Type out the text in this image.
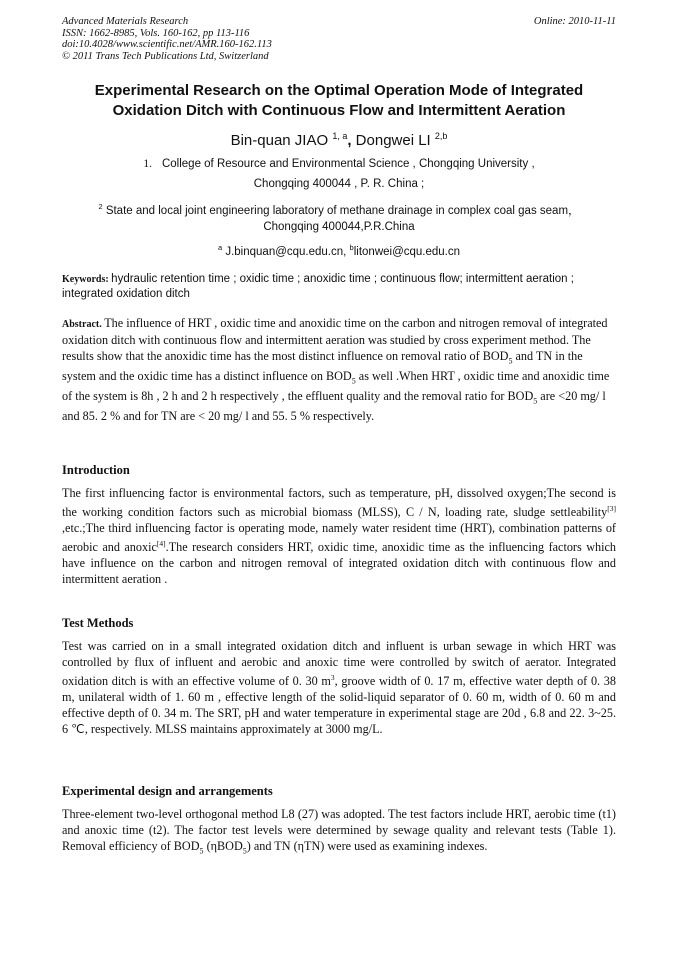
Advanced Materials Research
ISSN: 1662-8985, Vols. 160-162, pp 113-116
doi:10.4028/www.scientific.net/AMR.160-162.113
© 2011 Trans Tech Publications Ltd, Switzerland
Online: 2010-11-11
Experimental Research on the Optimal Operation Mode of Integrated
Oxidation Ditch with Continuous Flow and Intermittent Aeration
Bin-quan JIAO $^{1, a}$, Dongwei LI $^{2,b}$
1. College of Resource and Environmental Science , Chongqing University ,
Chongqing 400044 , P. R. China ;
$^2$ State and local joint engineering laboratory of methane drainage in complex coal gas seam，
Chongqing 400044,P.R.China
$^a$ J.binquan@cqu.edu.cn, $^b$litonwei@cqu.edu.cn
Keywords: hydraulic retention time ; oxidic time ; anoxidic time ; continuous flow; intermittent aeration ; integrated oxidation ditch
Abstract. The influence of HRT , oxidic time and anoxidic time on the carbon and nitrogen removal of integrated oxidation ditch with continuous flow and intermittent aeration was studied by cross experiment method. The results show that the anoxidic time has the most distinct influence on removal ratio of $BOD_5$ and TN in the system and the oxidic time has a distinct influence on $BOD_5$ as well .When HRT , oxidic time and anoxidic time of the system is 8h , 2 h and 2 h respectively , the effluent quality and the removal ratio for $BOD_5$ are <20 mg/ l and 85. 2 % and for TN are < 20 mg/ l and 55. 5 % respectively.
Introduction
The first influencing factor is environmental factors, such as temperature, pH, dissolved oxygen;The second is the working condition factors such as microbial biomass (MLSS), C / N, loading rate, sludge settleability[3] ,etc.;The third influencing factor is operating mode, namely water resident time (HRT), combination patterns of aerobic and anoxic[4].The research considers HRT, oxidic time, anoxidic time as the influencing factors which have influence on the carbon and nitrogen removal of integrated oxidation ditch with continuous flow and intermittent aeration .
Test Methods
Test was carried on in a small integrated oxidation ditch and influent is urban sewage in which HRT was controlled by flux of influent and aerobic and anoxic time were controlled by switch of aerator. Integrated oxidation ditch is with an effective volume of 0. 30 $m^3$, groove width of 0. 17 m, effective water depth of 0. 38 m, unilateral width of 1. 60 m , effective length of the solid-liquid separator of 0. 60 m, width of 0. 60 m and effective depth of 0. 34 m. The SRT, pH and water temperature in experimental stage are 20d , 6.8 and 22. 3~25. 6 ℃, respectively. MLSS maintains approximately at 3000 mg/L.
Experimental design and arrangements
Three-element two-level orthogonal method L8 (27) was adopted. The test factors include HRT, aerobic time (t1) and anoxic time (t2). The factor test levels were determined by sewage quality and relevant tests (Table 1). Removal efficiency of $BOD_5$ (ηBOD$_5$) and TN (ηTN) were used as examining indexes.
